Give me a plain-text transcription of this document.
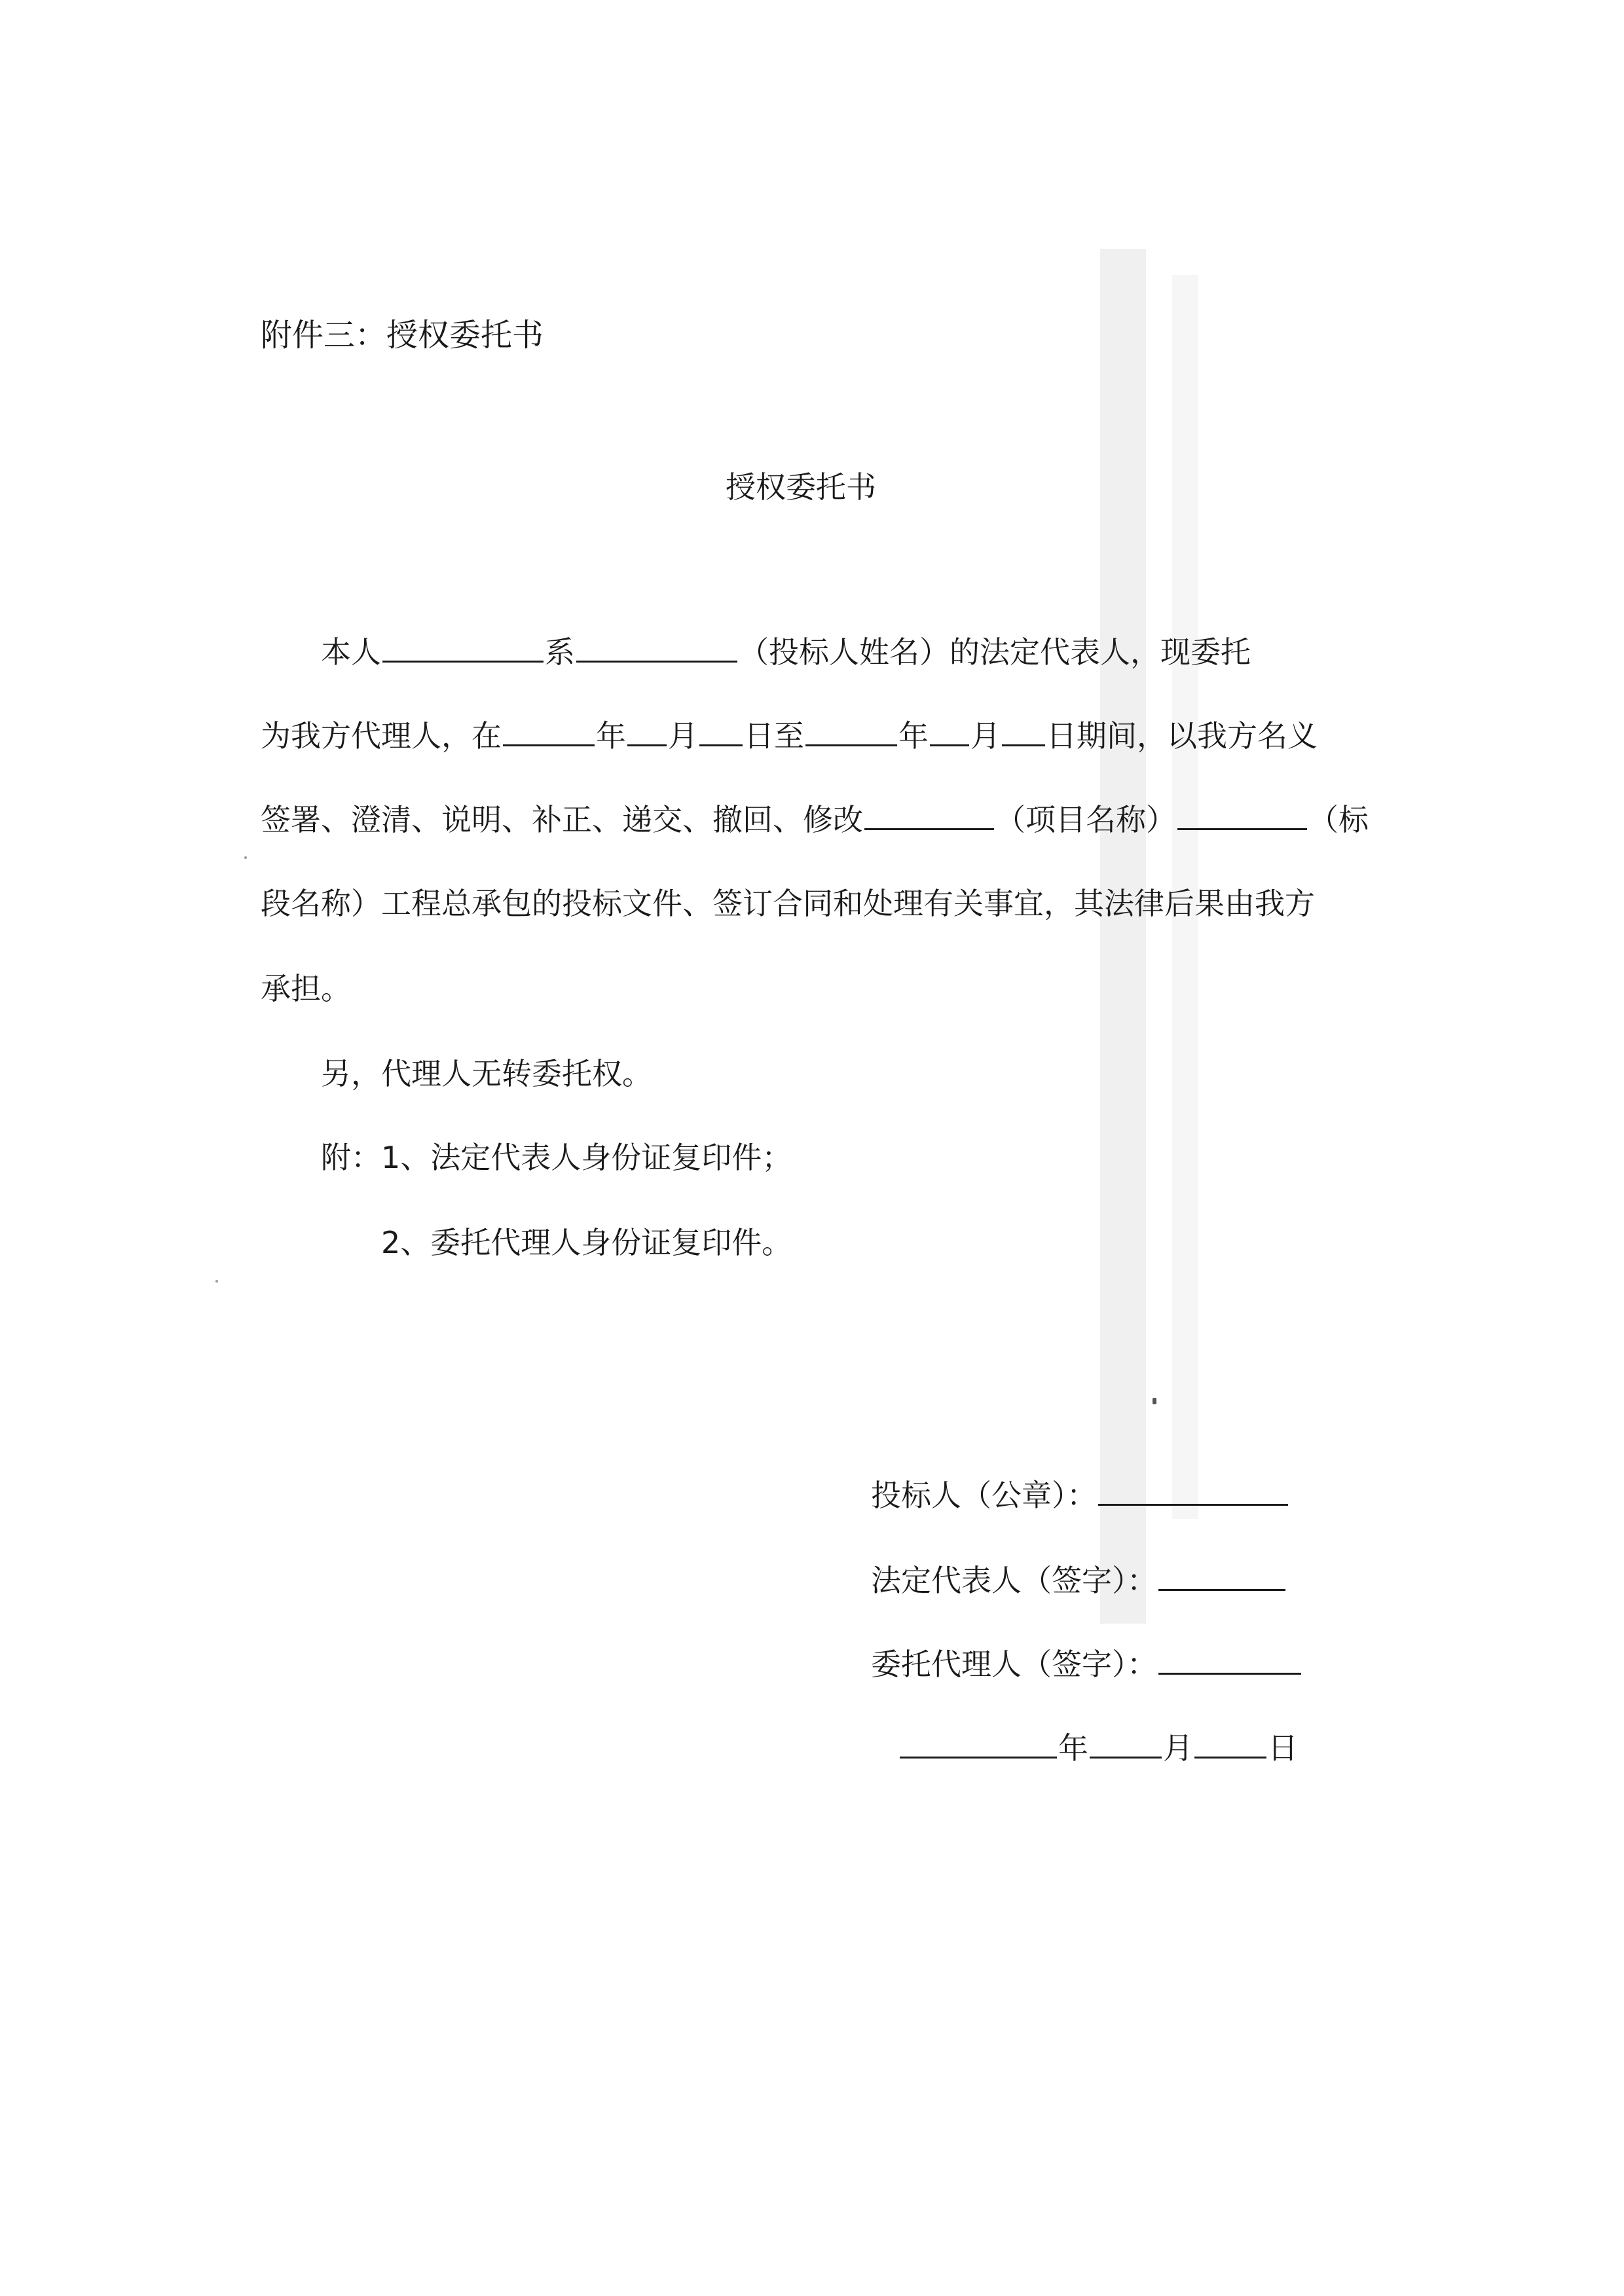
附件三：授权委托书
授权委托书
本人	系	（投标人姓名）的法定代表人，现委托
为我方代理人，在	年 月 日至	年 月 日期间，以我方名义
签署、澄清、说明、补正、递交、撤回、修改	（项目名称）	（标
段名称）工程总承包的投标文件、签订合同和处理有关事宜，其法律后果由我方
承担。
另，代理人无转委托权。
附：1、法定代表人身份证复印件；
2、委托代理人身份证复印件。
投标人（公章）：
法定代表人（签字）：
委托代理人（签字）：
年 月 日
